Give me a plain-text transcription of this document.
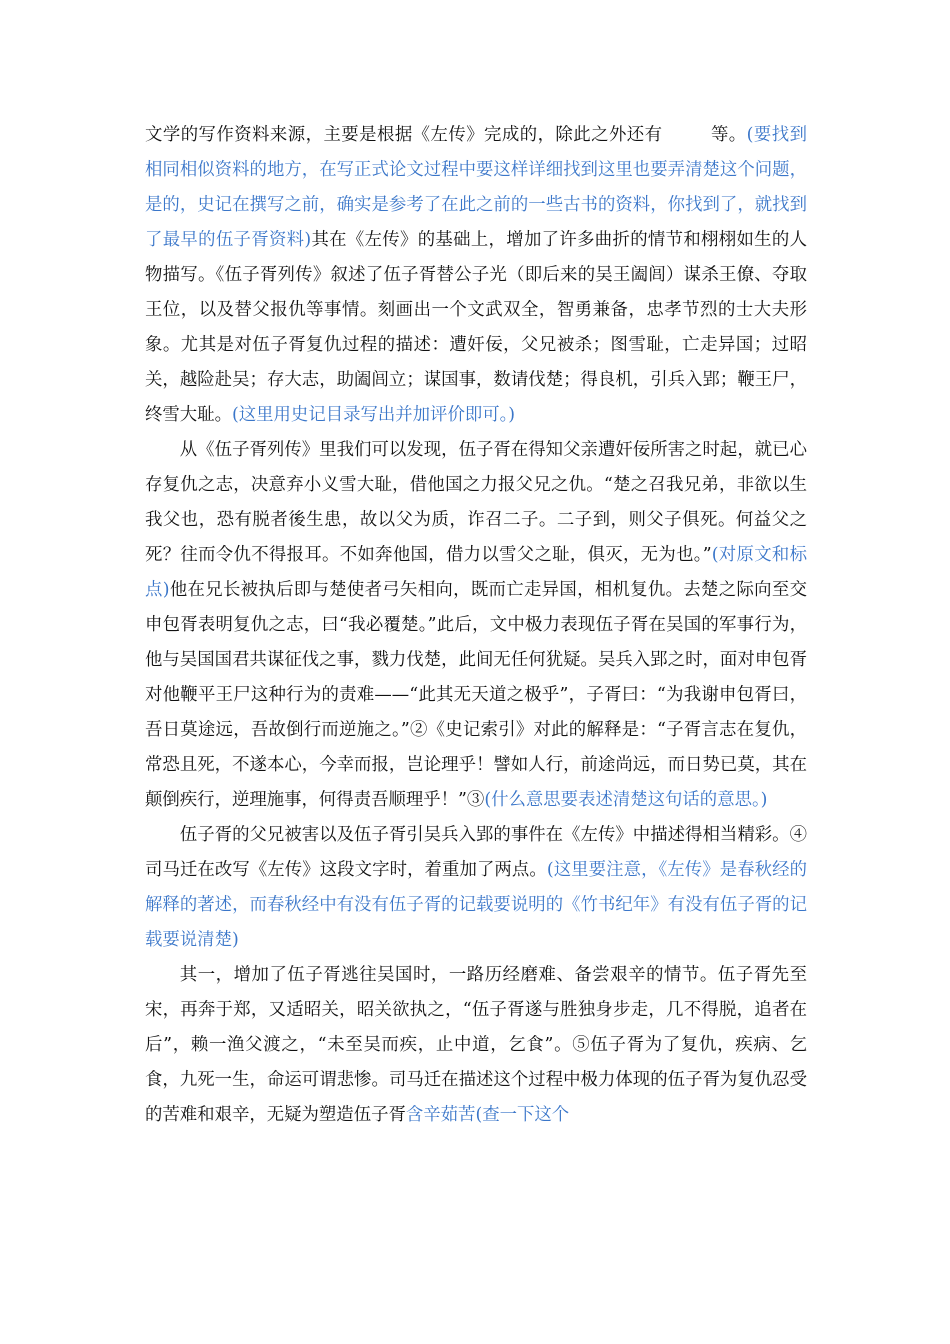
文学的写作资料来源，主要是根据《左传》完成的，除此之外还有	等。(要找到相同相似资料的地方，在写正式论文过程中要这样详细找到这里也要弄清楚这个问题，是的，史记在撰写之前，确实是参考了在此之前的一些古书的资料，你找到了，就找到了最早的伍子胥资料)其在《左传》的基础上，增加了许多曲折的情节和栩栩如生的人物描写。《伍子胥列传》叙述了伍子胥替公子光（即后来的吴王阖闾）谋杀王僚、夺取王位，以及替父报仇等事情。刻画出一个文武双全，智勇兼备，忠孝节烈的士大夫形象。尤其是对伍子胥复仇过程的描述：遭奸佞，父兄被杀；图雪耻，亡走异国；过昭关，越险赴吴；存大志，助阖闾立；谋国事，数请伐楚；得良机，引兵入郢；鞭王尸，终雪大耻。(这里用史记目录写出并加评价即可。)

从《伍子胥列传》里我们可以发现，伍子胥在得知父亲遭奸佞所害之时起，就已心存复仇之志，决意弃小义雪大耻，借他国之力报父兄之仇。“楚之召我兄弟，非欲以生我父也，恐有脱者後生患，故以父为质，诈召二子。二子到，则父子俱死。何益父之死？往而令仇不得报耳。不如奔他国，借力以雪父之耻，俱灭，无为也。”(对原文和标点)他在兄长被执后即与楚使者弓矢相向，既而亡走异国，相机复仇。去楚之际向至交申包胥表明复仇之志，曰“我必覆楚。”此后，文中极力表现伍子胥在吴国的军事行为，他与吴国国君共谋征伐之事，戮力伐楚，此间无任何犹疑。吴兵入郢之时，面对申包胥对他鞭平王尸这种行为的责难——“此其无天道之极乎”，子胥曰：“为我谢申包胥曰，吾日莫途远，吾故倒行而逆施之。”②《史记索引》对此的解释是：“子胥言志在复仇，常恐且死，不遂本心，今幸而报，岂论理乎！譬如人行，前途尚远，而日势已莫，其在颠倒疾行，逆理施事，何得责吾顺理乎！”③(什么意思要表述清楚这句话的意思。)

伍子胥的父兄被害以及伍子胥引吴兵入郢的事件在《左传》中描述得相当精彩。④司马迁在改写《左传》这段文字时，着重加了两点。(这里要注意，《左传》是春秋经的解释的著述，而春秋经中有没有伍子胥的记载要说明的《竹书纪年》有没有伍子胥的记载要说清楚)

其一，增加了伍子胥逃往吴国时，一路历经磨难、备尝艰辛的情节。伍子胥先至宋，再奔于郑，又适昭关，昭关欲执之，“伍子胥遂与胜独身步走，几不得脱，追者在后”，赖一渔父渡之，“未至吴而疾，止中道，乞食”。⑤伍子胥为了复仇，疾病、乞食，九死一生，命运可谓悲惨。司马迁在描述这个过程中极力体现的伍子胥为复仇忍受的苦难和艰辛，无疑为塑造伍子胥含辛茹苦(查一下这个
